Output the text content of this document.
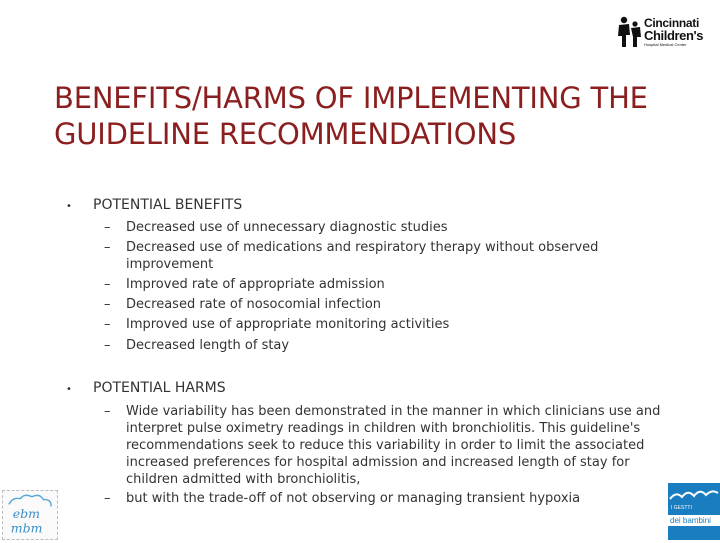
Cincinnati
Children's
Hospital Medical Center
BENEFITS/HARMS OF IMPLEMENTING THE GUIDELINE RECOMMENDATIONS
• POTENTIAL BENEFITS
–	Decreased use of unnecessary diagnostic studies
–	Decreased use of medications and respiratory therapy without observed improvement
–	Improved rate of appropriate admission
–	Decreased rate of nosocomial infection
–	Improved use of appropriate monitoring activities
–	Decreased length of stay
• POTENTIAL HARMS
–	Wide variability has been demonstrated in the manner in which clinicians use and interpret pulse oximetry readings in children with bronchiolitis. This guideline's recommendations seek to reduce this variability in order to limit the associated increased preferences for hospital admission and increased length of stay for children admitted with bronchiolitis,
–	but with the trade-off of not observing or managing transient hypoxia
ebm
mbm
I GESTTI
dei bambini
